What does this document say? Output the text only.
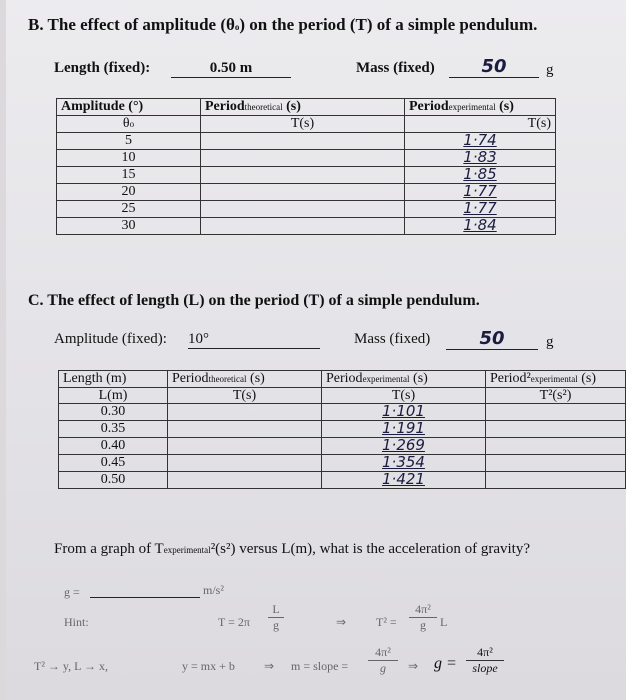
B. The effect of amplitude (θo) on the period (T) of a simple pendulum.
Length (fixed):	0.50 m	Mass (fixed)	50	g
Amplitude (°)	Periodtheoretical (s)	Periodexperimental (s)
θo	T(s)	T(s)
5		1·74
10		1·83
15		1·85
20		1·77
25		1·77
30		1·84
C. The effect of length (L) on the period (T) of a simple pendulum.
Amplitude (fixed): 10°	Mass (fixed)	50	g
Length (m)	Periodtheoretical (s)	Periodexperimental (s)	Period²experimental (s)
L(m)	T(s)	T(s)	T²(s²)
0.30		1·101	
0.35		1·191	
0.40		1·269	
0.45		1·354	
0.50		1·421	
From a graph of Texperimental²(s²) versus L(m), what is the acceleration of gravity?
g =	m/s²
Hint:	T = 2π
L
g	⇒ T² =
4π²
g	L
T² → y, L → x,	y = mx + b ⇒ m = slope =
4π²
g	⇒ g =
4π²
slope
